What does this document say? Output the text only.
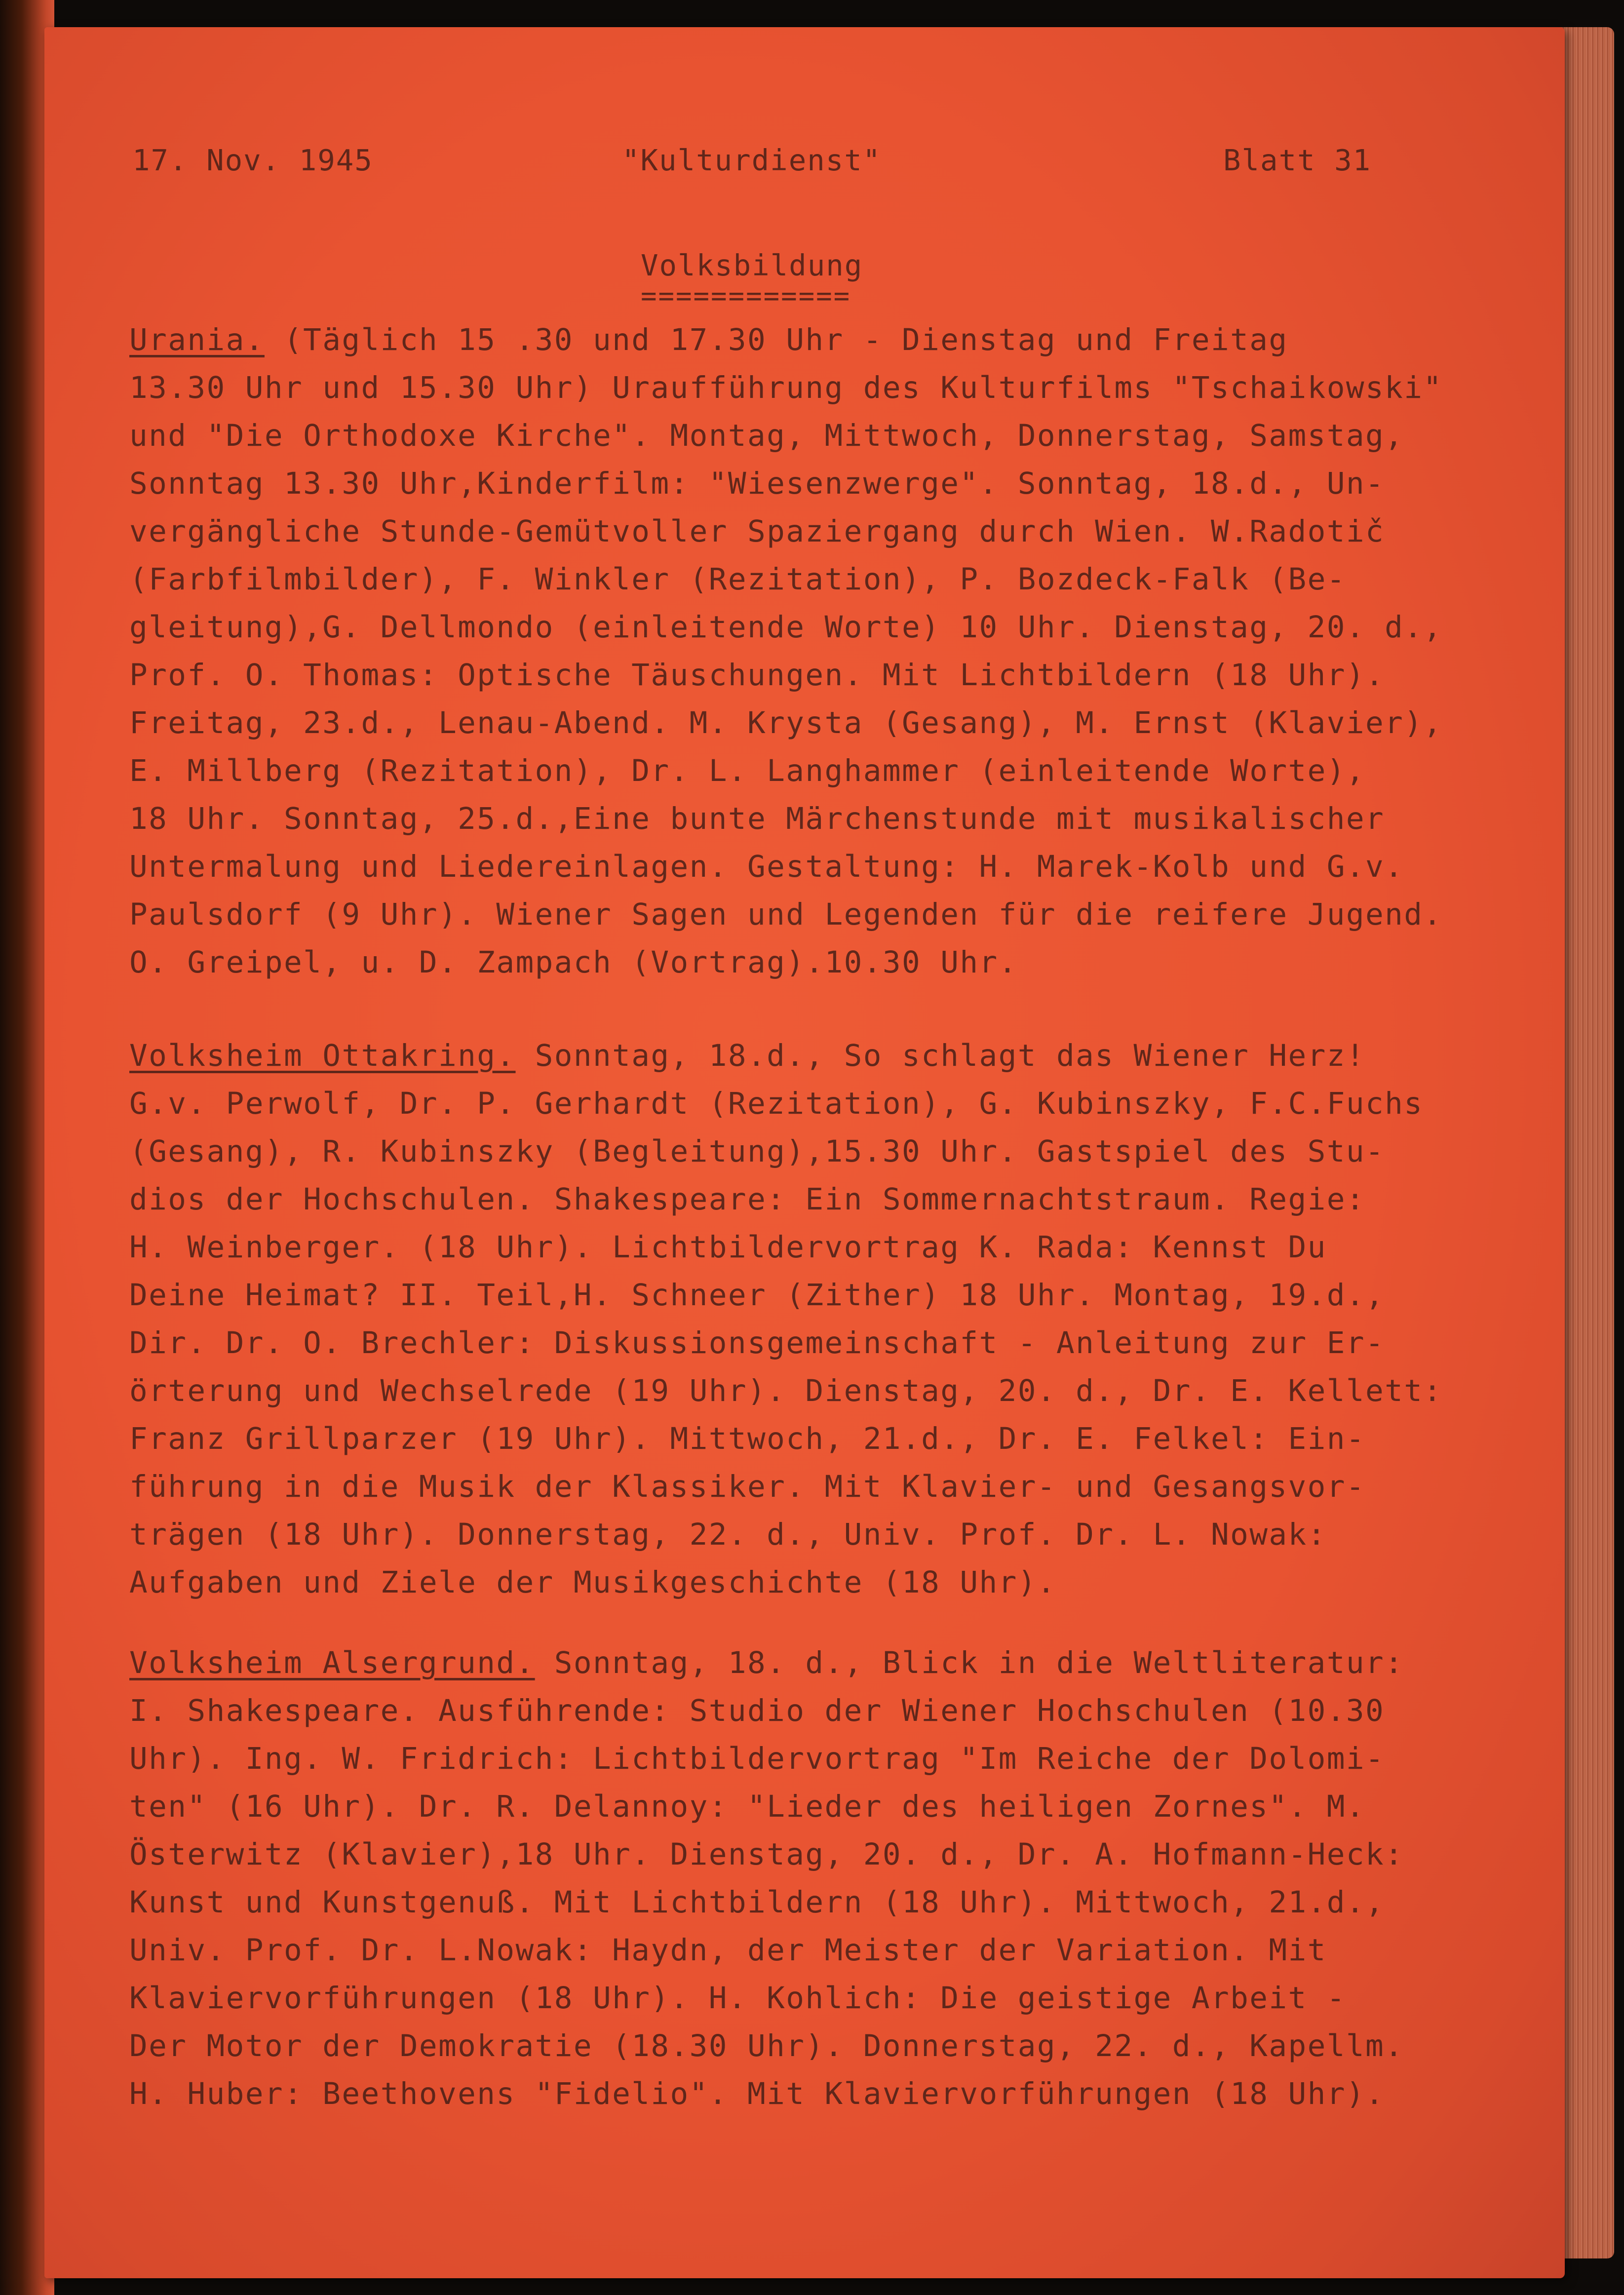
17. Nov. 1945	"Kulturdienst"	Blatt 31
Volksbildung
============
Urania. (Täglich 15 .30 und 17.30 Uhr - Dienstag und Freitag
13.30 Uhr und 15.30 Uhr) Uraufführung des Kulturfilms "Tschaikowski"
und "Die Orthodoxe Kirche". Montag, Mittwoch, Donnerstag, Samstag,
Sonntag 13.30 Uhr,Kinderfilm: "Wiesenzwerge". Sonntag, 18.d., Un-
vergängliche Stunde-Gemütvoller Spaziergang durch Wien. W.Radotič
(Farbfilmbilder), F. Winkler (Rezitation), P. Bozdeck-Falk (Be-
gleitung),G. Dellmondo (einleitende Worte) 10 Uhr. Dienstag, 20. d.,
Prof. O. Thomas: Optische Täuschungen. Mit Lichtbildern (18 Uhr).
Freitag, 23.d., Lenau-Abend. M. Krysta (Gesang), M. Ernst (Klavier),
E. Millberg (Rezitation), Dr. L. Langhammer (einleitende Worte),
18 Uhr. Sonntag, 25.d.,Eine bunte Märchenstunde mit musikalischer
Untermalung und Liedereinlagen. Gestaltung: H. Marek-Kolb und G.v.
Paulsdorf (9 Uhr). Wiener Sagen und Legenden für die reifere Jugend.
O. Greipel, u. D. Zampach (Vortrag).10.30 Uhr.
Volksheim Ottakring. Sonntag, 18.d., So schlagt das Wiener Herz!
G.v. Perwolf, Dr. P. Gerhardt (Rezitation), G. Kubinszky, F.C.Fuchs
(Gesang), R. Kubinszky (Begleitung),15.30 Uhr. Gastspiel des Stu-
dios der Hochschulen. Shakespeare: Ein Sommernachtstraum. Regie:
H. Weinberger. (18 Uhr). Lichtbildervortrag K. Rada: Kennst Du
Deine Heimat? II. Teil,H. Schneer (Zither) 18 Uhr. Montag, 19.d.,
Dir. Dr. O. Brechler: Diskussionsgemeinschaft - Anleitung zur Er-
örterung und Wechselrede (19 Uhr). Dienstag, 20. d., Dr. E. Kellett:
Franz Grillparzer (19 Uhr). Mittwoch, 21.d., Dr. E. Felkel: Ein-
führung in die Musik der Klassiker. Mit Klavier- und Gesangsvor-
trägen (18 Uhr). Donnerstag, 22. d., Univ. Prof. Dr. L. Nowak:
Aufgaben und Ziele der Musikgeschichte (18 Uhr).
Volksheim Alsergrund. Sonntag, 18. d., Blick in die Weltliteratur:
I. Shakespeare. Ausführende: Studio der Wiener Hochschulen (10.30
Uhr). Ing. W. Fridrich: Lichtbildervortrag "Im Reiche der Dolomi-
ten" (16 Uhr). Dr. R. Delannoy: "Lieder des heiligen Zornes". M.
Österwitz (Klavier),18 Uhr. Dienstag, 20. d., Dr. A. Hofmann-Heck:
Kunst und Kunstgenuß. Mit Lichtbildern (18 Uhr). Mittwoch, 21.d.,
Univ. Prof. Dr. L.Nowak: Haydn, der Meister der Variation. Mit
Klaviervorführungen (18 Uhr). H. Kohlich: Die geistige Arbeit -
Der Motor der Demokratie (18.30 Uhr). Donnerstag, 22. d., Kapellm.
H. Huber: Beethovens "Fidelio". Mit Klaviervorführungen (18 Uhr).
